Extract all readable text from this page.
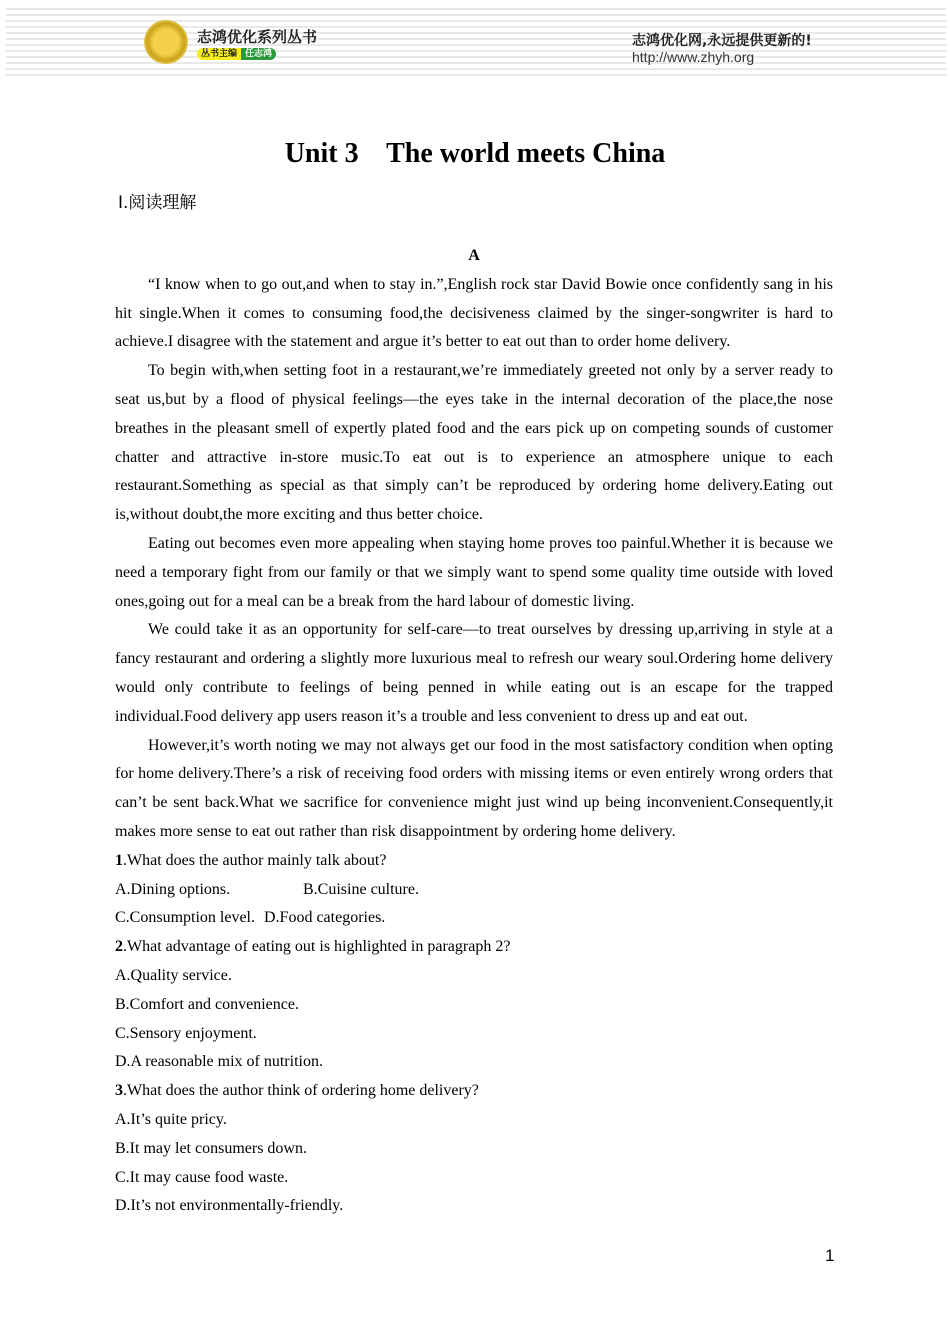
志鸿优化系列丛书
丛书主编 任志鸿
志鸿优化网,永远提供更新的!
http://www.zhyh.org
Unit 3    The world meets China
Ⅰ.阅读理解
A

“I know when to go out,and when to stay in.”,English rock star David Bowie once confidently sang in his hit single.When it comes to consuming food,the decisiveness claimed by the singer-songwriter is hard to achieve.I disagree with the statement and argue it’s better to eat out than to order home delivery.

To begin with,when setting foot in a restaurant,we’re immediately greeted not only by a server ready to seat us,but by a flood of physical feelings—the eyes take in the internal decoration of the place,the nose breathes in the pleasant smell of expertly plated food and the ears pick up on competing sounds of customer chatter and attractive in-store music.To eat out is to experience an atmosphere unique to each restaurant.Something as special as that simply can’t be reproduced by ordering home delivery.Eating out is,without doubt,the more exciting and thus better choice.

Eating out becomes even more appealing when staying home proves too painful.Whether it is because we need a temporary fight from our family or that we simply want to spend some quality time outside with loved ones,going out for a meal can be a break from the hard labour of domestic living.

We could take it as an opportunity for self-care—to treat ourselves by dressing up,arriving in style at a fancy restaurant and ordering a slightly more luxurious meal to refresh our weary soul.Ordering home delivery would only contribute to feelings of being penned in while eating out is an escape for the trapped individual.Food delivery app users reason it’s a trouble and less convenient to dress up and eat out.

However,it’s worth noting we may not always get our food in the most satisfactory condition when opting for home delivery.There’s a risk of receiving food orders with missing items or even entirely wrong orders that can’t be sent back.What we sacrifice for convenience might just wind up being inconvenient.Consequently,it makes more sense to eat out rather than risk disappointment by ordering home delivery.

1.What does the author mainly talk about?

A.Dining options.	B.Cuisine culture.
C.Consumption level. D.Food categories.

2.What advantage of eating out is highlighted in paragraph 2?

A.Quality service.
B.Comfort and convenience.
C.Sensory enjoyment.
D.A reasonable mix of nutrition.

3.What does the author think of ordering home delivery?

A.It’s quite pricy.
B.It may let consumers down.
C.It may cause food waste.
D.It’s not environmentally-friendly.
1
